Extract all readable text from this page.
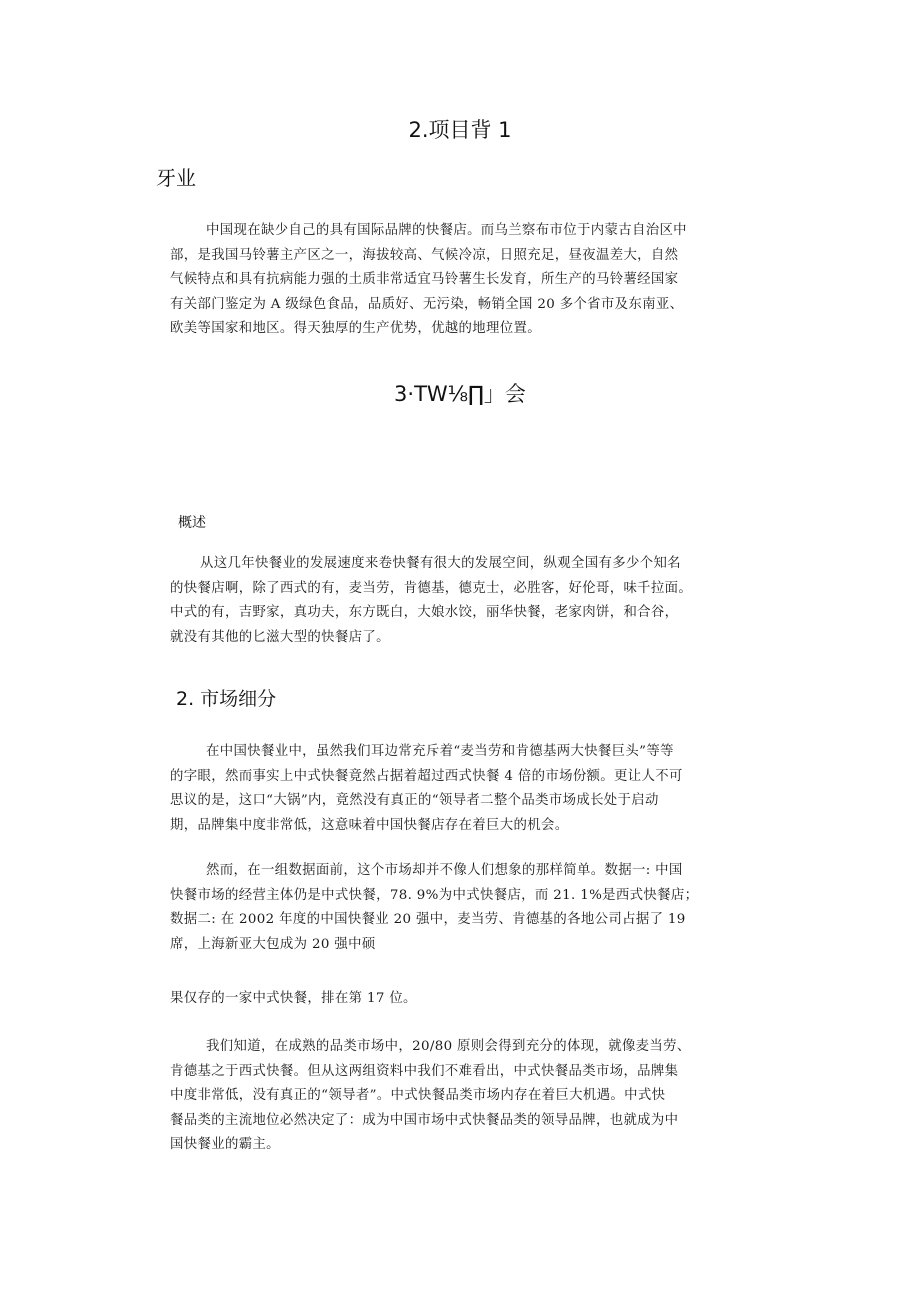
2.项目背 1
牙业
中国现在缺少自己的具有国际品牌的快餐店。而乌兰察布市位于内蒙古自治区中
部，是我国马铃薯主产区之一，海拔较高、气候冷凉，日照充足，昼夜温差大，自然
气候特点和具有抗病能力强的土质非常适宜马铃薯生长发育，所生产的马铃薯经国家
有关部门鉴定为 A 级绿色食品，品质好、无污染，畅销全国 20 多个省市及东南亚、
欧美等国家和地区。得天独厚的生产优势，优越的地理位置。
3·TW⅛∏」会
概述
从这几年快餐业的发展速度来卷快餐有很大的发展空间，纵观全国有多少个知名
的快餐店啊，除了西式的有，麦当劳，肯德基，德克士，必胜客，好伦哥，味千拉面。
中式的有，吉野家，真功夫，东方既白，大娘水饺，丽华快餐，老家肉饼，和合谷，
就没有其他的匕滋大型的快餐店了。
2. 市场细分
在中国快餐业中，虽然我们耳边常充斥着“麦当劳和肯德基两大快餐巨头”等等
的字眼，然而事实上中式快餐竟然占据着超过西式快餐 4 倍的市场份额。更让人不可
思议的是，这口“大锅”内，竟然没有真正的“领导者二整个品类市场成长处于启动
期，品牌集中度非常低，这意味着中国快餐店存在着巨大的机会。
然而，在一组数据面前，这个市场却并不像人们想象的那样简单。数据一: 中国
快餐市场的经营主体仍是中式快餐，78. 9%为中式快餐店，而 21. 1%是西式快餐店；
数据二: 在 2002 年度的中国快餐业 20 强中，麦当劳、肯德基的各地公司占据了 19
席，上海新亚大包成为 20 强中硕
果仅存的一家中式快餐，排在第 17 位。
我们知道，在成熟的品类市场中，20/80 原则会得到充分的体现，就像麦当劳、
肯德基之于西式快餐。但从这两组资料中我们不难看出，中式快餐品类市场，品牌集
中度非常低，没有真正的“领导者”。中式快餐品类市场内存在着巨大机遇。中式快
餐品类的主流地位必然决定了：成为中国市场中式快餐品类的领导品牌，也就成为中
国快餐业的霸主。
